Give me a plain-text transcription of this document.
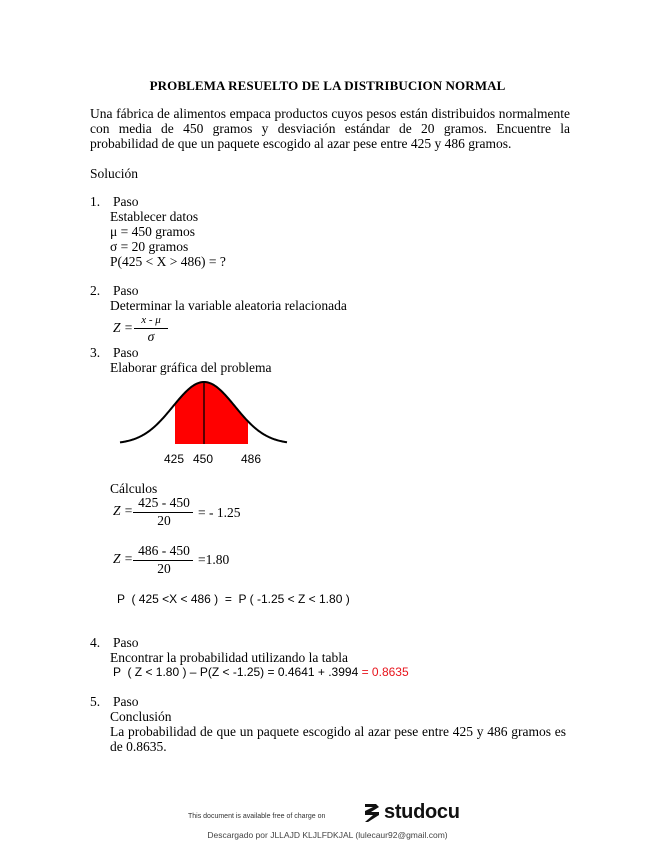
PROBLEMA RESUELTO DE LA DISTRIBUCION NORMAL
Una fábrica de alimentos empaca productos cuyos pesos están distribuidos normalmente con media de 450 gramos y desviación estándar de 20 gramos. Encuentre la probabilidad de que un paquete escogido al azar pese entre 425 y 486 gramos.
Solución
1. Paso
Establecer datos
μ = 450 gramos
σ = 20 gramos
P(425 < X > 486) = ?
2. Paso
Determinar la variable aleatoria relacionada
Z = x - μ
σ
3. Paso
Elaborar gráfica del problema
425 450 486
Cálculos
Z =
425 - 450
20
= - 1.25
Z =
486 - 450
20
=1.80
P  ( 425 <X < 486 )  =  P ( -1.25 < Z < 1.80 )
4. Paso
Encontrar la probabilidad utilizando la tabla
P  ( Z < 1.80 ) – P(Z < -1.25) = 0.4641 + .3994 = 0.8635
5. Paso
Conclusión
La probabilidad de que un paquete escogido al azar pese entre 425 y 486 gramos es de 0.8635.
This document is available free of charge on	studocu
Descargado por JLLAJD KLJLFDKJAL (lulecaur92@gmail.com)
